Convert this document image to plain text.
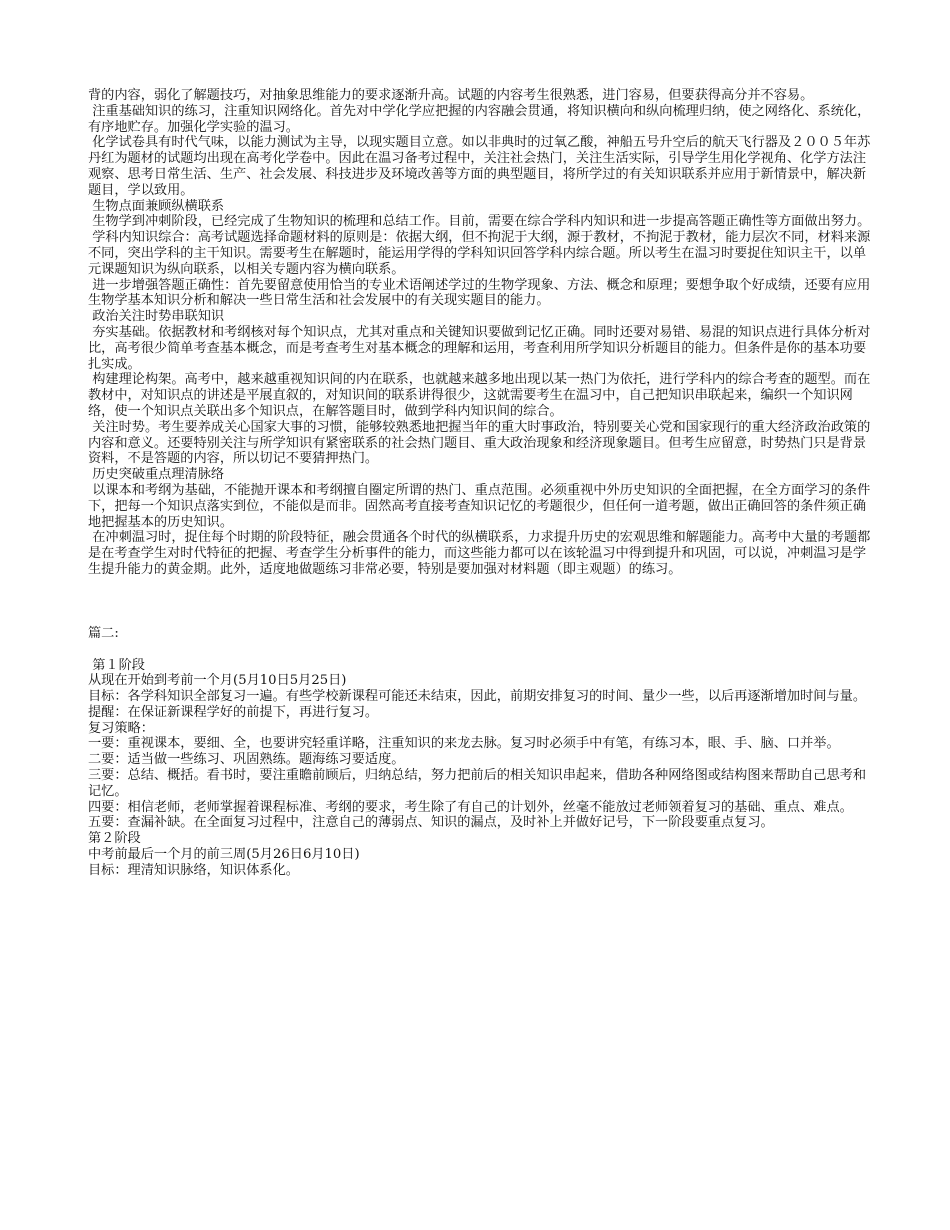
背的内容，弱化了解题技巧，对抽象思维能力的要求逐渐升高。试题的内容考生很熟悉，进门容易，但要获得高分并不容易。

注重基础知识的练习，注重知识网络化。首先对中学化学应把握的内容融会贯通，将知识横向和纵向梳理归纳，使之网络化、系统化，有序地贮存。加强化学实验的温习。

化学试卷具有时代气味，以能力测试为主导，以现实题目立意。如以非典时的过氧乙酸，神船五号升空后的航天飞行器及２００５年苏丹红为题材的试题均出现在高考化学卷中。因此在温习备考过程中，关注社会热门，关注生活实际，引导学生用化学视角、化学方法注观察、思考日常生活、生产、社会发展、科技进步及环境改善等方面的典型题目，将所学过的有关知识联系并应用于新情景中，解决新题目，学以致用。

生物点面兼顾纵横联系

生物学到冲刺阶段，已经完成了生物知识的梳理和总结工作。目前，需要在综合学科内知识和进一步提高答题正确性等方面做出努力。

学科内知识综合：高考试题选择命题材料的原则是：依据大纲，但不拘泥于大纲，源于教材，不拘泥于教材，能力层次不同，材料来源不同，突出学科的主干知识。需要考生在解题时，能运用学得的学科知识回答学科内综合题。所以考生在温习时要捉住知识主干，以单元课题知识为纵向联系，以相关专题内容为横向联系。

进一步增强答题正确性：首先要留意使用恰当的专业术语阐述学过的生物学现象、方法、概念和原理；要想争取个好成绩，还要有应用生物学基本知识分析和解决一些日常生活和社会发展中的有关现实题目的能力。

政治关注时势串联知识

夯实基础。依据教材和考纲核对每个知识点，尤其对重点和关键知识要做到记忆正确。同时还要对易错、易混的知识点进行具体分析对比，高考很少简单考查基本概念，而是考查考生对基本概念的理解和运用，考查利用所学知识分析题目的能力。但条件是你的基本功要扎实成。

构建理论构架。高考中，越来越重视知识间的内在联系，也就越来越多地出现以某一热门为依托，进行学科内的综合考查的题型。而在教材中，对知识点的讲述是平展直叙的，对知识间的联系讲得很少，这就需要考生在温习中，自己把知识串联起来，编织一个知识网络，使一个知识点关联出多个知识点，在解答题目时，做到学科内知识间的综合。

关注时势。考生要养成关心国家大事的习惯，能够较熟悉地把握当年的重大时事政治，特别要关心党和国家现行的重大经济政治政策的内容和意义。还要特别关注与所学知识有紧密联系的社会热门题目、重大政治现象和经济现象题目。但考生应留意，时势热门只是背景资料，不是答题的内容，所以切记不要猜押热门。

历史突破重点理清脉络

以课本和考纲为基础，不能抛开课本和考纲擅自圈定所谓的热门、重点范围。必须重视中外历史知识的全面把握，在全方面学习的条件下，把每一个知识点落实到位，不能似是而非。固然高考直接考查知识记忆的考题很少，但任何一道考题，做出正确回答的条件须正确地把握基本的历史知识。

在冲刺温习时，捉住每个时期的阶段特征，融会贯通各个时代的纵横联系，力求提升历史的宏观思维和解题能力。高考中大量的考题都是在考查学生对时代特征的把握、考查学生分析事件的能力，而这些能力都可以在该轮温习中得到提升和巩固，可以说，冲刺温习是学生提升能力的黄金期。此外，适度地做题练习非常必要，特别是要加强对材料题（即主观题）的练习。

篇二:

第１阶段

从现在开始到考前一个月(5月10日5月25日)

目标：各学科知识全部复习一遍。有些学校新课程可能还未结束，因此，前期安排复习的时间、量少一些，以后再逐渐增加时间与量。

提醒：在保证新课程学好的前提下，再进行复习。

复习策略：

一要：重视课本，要细、全，也要讲究轻重详略，注重知识的来龙去脉。复习时必须手中有笔，有练习本，眼、手、脑、口并举。

二要：适当做一些练习、巩固熟练。题海练习要适度。

三要：总结、概括。看书时，要注重瞻前顾后，归纳总结，努力把前后的相关知识串起来，借助各种网络图或结构图来帮助自己思考和记忆。

四要：相信老师，老师掌握着课程标准、考纲的要求，考生除了有自己的计划外，丝毫不能放过老师领着复习的基础、重点、难点。

五要：查漏补缺。在全面复习过程中，注意自己的薄弱点、知识的漏点，及时补上并做好记号，下一阶段要重点复习。

第２阶段

中考前最后一个月的前三周(5月26日6月10日)

目标：理清知识脉络，知识体系化。
